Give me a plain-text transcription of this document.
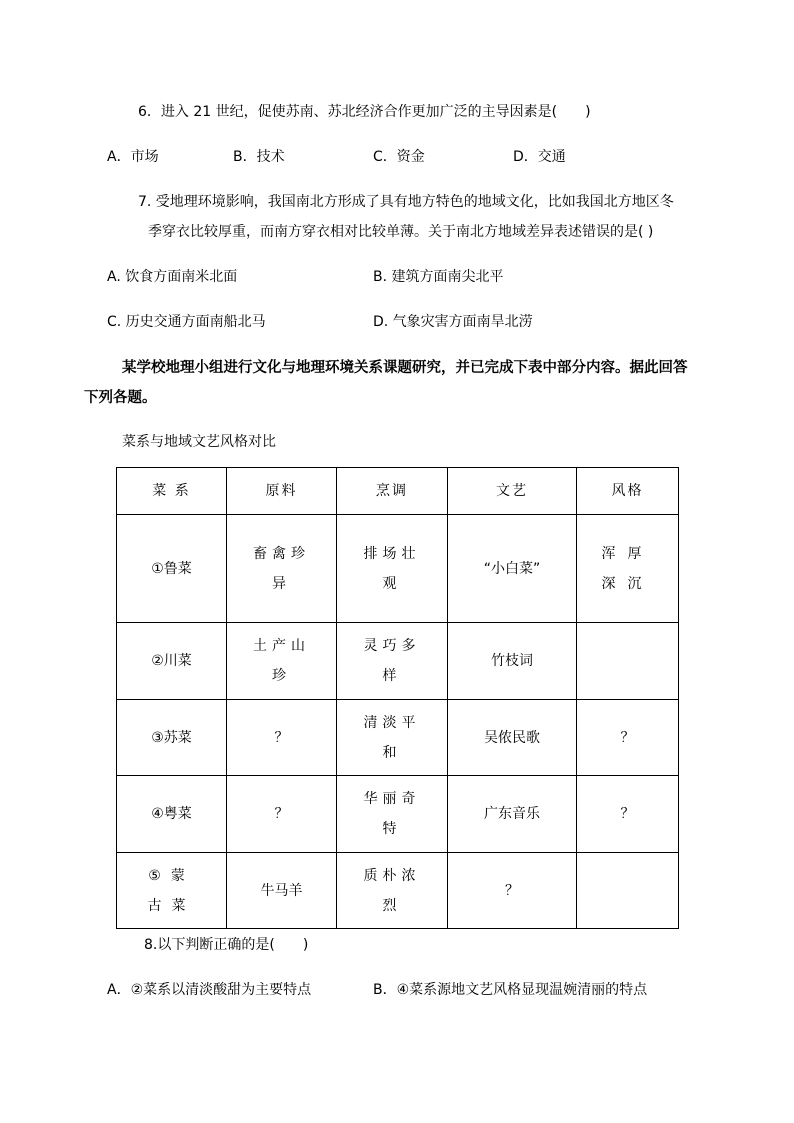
6．进入 21 世纪，促使苏南、苏北经济合作更加广泛的主导因素是(　　)
A．市场	B．技术	C．资金	D．交通
7. 受地理环境影响，我国南北方形成了具有地方特色的地域文化，比如我国北方地区冬
季穿衣比较厚重，而南方穿衣相对比较单薄。关于南北方地域差异表述错误的是( )
A. 饮食方面南米北面	B. 建筑方面南尖北平
C. 历史交通方面南船北马	D. 气象灾害方面南旱北涝
某学校地理小组进行文化与地理环境关系课题研究，并已完成下表中部分内容。据此回答
下列各题。
菜系与地域文艺风格对比
菜 系	原料	烹调	文艺	风格
①鲁菜	畜禽珍异	排场壮观	“小白菜”	浑厚深沉
②川菜	土产山珍	灵巧多样	竹枝词	
③苏菜	？	清淡平和	吴侬民歌	？
④粤菜	？	华丽奇特	广东音乐	？
⑤蒙古菜	牛马羊	质朴浓烈	？	
8.以下判断正确的是(　　)
A．②菜系以清淡酸甜为主要特点	B．④菜系源地文艺风格显现温婉清丽的特点
